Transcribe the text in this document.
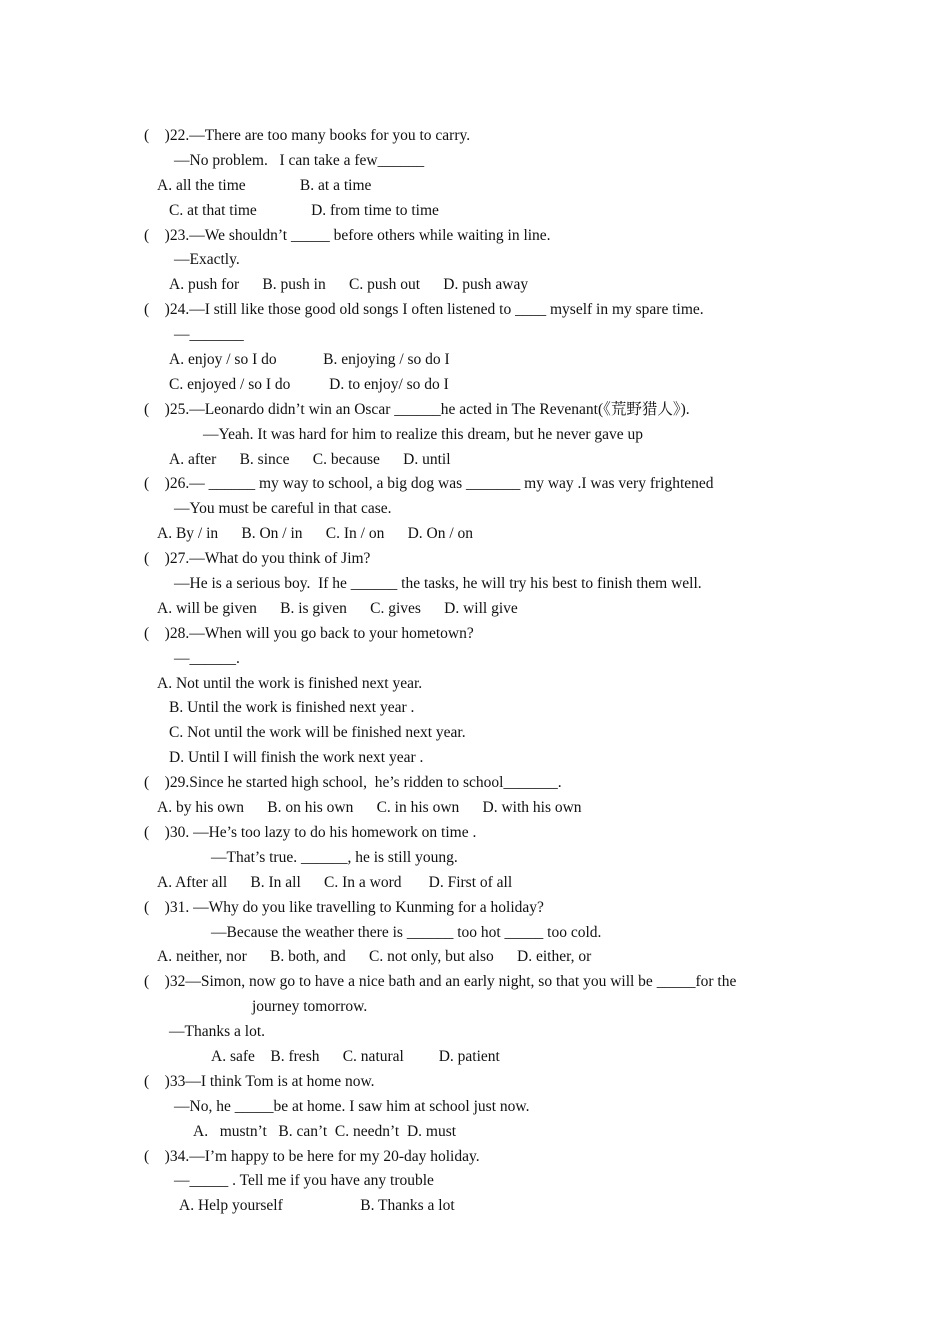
(    )22.—There are too many books for you to carry.
—No problem.   I can take a few______
A. all the time              B. at a time
C. at that time              D. from time to time
(    )23.—We shouldn’t _____ before others while waiting in line.
—Exactly.
A. push for      B. push in      C. push out      D. push away
(    )24.—I still like those good old songs I often listened to ____ myself in my spare time.
—_______
A. enjoy / so I do            B. enjoying / so do I
C. enjoyed / so I do          D. to enjoy/ so do I
(    )25.—Leonardo didn’t win an Oscar ______he acted in The Revenant(《荒野猎人》).
—Yeah. It was hard for him to realize this dream, but he never gave up
A. after      B. since      C. because      D. until
(    )26.— ______ my way to school, a big dog was _______ my way .I was very frightened
—You must be careful in that case.
A. By / in      B. On / in      C. In / on      D. On / on
(    )27.—What do you think of Jim?
—He is a serious boy.  If he ______ the tasks, he will try his best to finish them well.
A. will be given      B. is given      C. gives      D. will give
(    )28.—When will you go back to your hometown?
—______.
A. Not until the work is finished next year.
B. Until the work is finished next year .
C. Not until the work will be finished next year.
D. Until I will finish the work next year .
(    )29.Since he started high school,  he’s ridden to school_______.
A. by his own      B. on his own      C. in his own      D. with his own
(    )30. —He’s too lazy to do his homework on time .
—That’s true. ______, he is still young.
A. After all      B. In all      C. In a word       D. First of all
(    )31. —Why do you like travelling to Kunming for a holiday?
—Because the weather there is ______ too hot _____ too cold.
A. neither, nor      B. both, and      C. not only, but also      D. either, or
(    )32—Simon, now go to have a nice bath and an early night, so that you will be _____for the
journey tomorrow.
—Thanks a lot.
A. safe    B. fresh      C. natural         D. patient
(    )33—I think Tom is at home now.
—No, he _____be at home. I saw him at school just now.
A.   mustn’t   B. can’t  C. needn’t  D. must
(    )34.—I’m happy to be here for my 20-day holiday.
—_____ . Tell me if you have any trouble
A. Help yourself                    B. Thanks a lot
